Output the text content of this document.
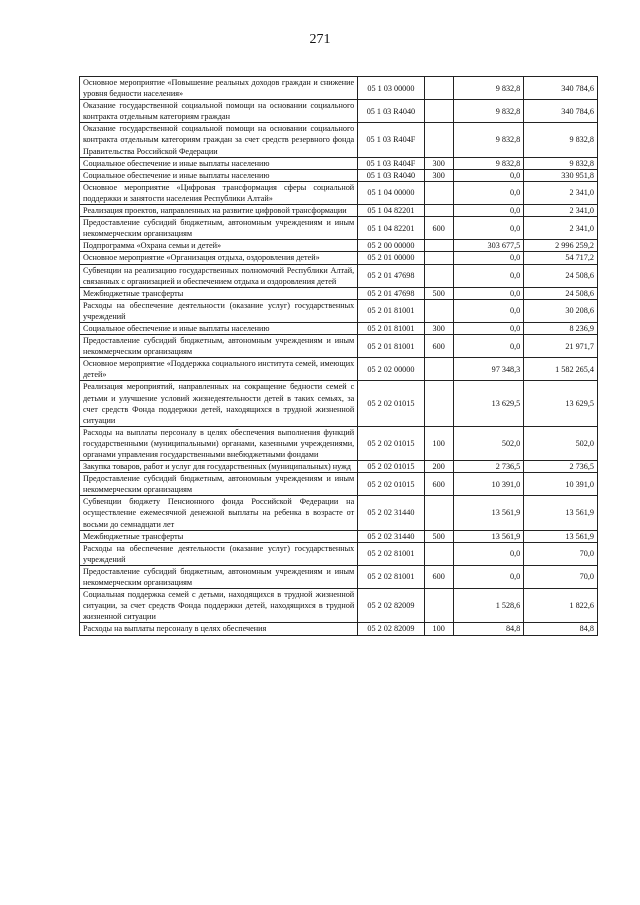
271
Основное мероприятие «Повышение реальных доходов граждан и снижение уровня бедности населения»	05 1 03 00000		9 832,8	340 784,6
Оказание государственной социальной помощи на основании социального контракта отдельным категориям граждан	05 1 03 R4040		9 832,8	340 784,6
Оказание государственной социальной помощи на основании социального контракта отдельным категориям граждан за счет средств резервного фонда Правительства Российской Федерации	05 1 03 R404F		9 832,8	9 832,8
Социальное обеспечение и иные выплаты населению	05 1 03 R404F	300	9 832,8	9 832,8
Социальное обеспечение и иные выплаты населению	05 1 03 R4040	300	0,0	330 951,8
Основное мероприятие «Цифровая трансформация сферы социальной поддержки и занятости населения Республики Алтай»	05 1 04 00000		0,0	2 341,0
Реализация проектов, направленных на развитие цифровой трансформации	05 1 04 82201		0,0	2 341,0
Предоставление субсидий бюджетным, автономным учреждениям и иным некоммерческим организациям	05 1 04 82201	600	0,0	2 341,0
Подпрограмма «Охрана семьи и детей»	05 2 00 00000		303 677,5	2 996 259,2
Основное мероприятие «Организация отдыха, оздоровления детей»	05 2 01 00000		0,0	54 717,2
Субвенции на реализацию государственных полномочий Республики Алтай, связанных с организацией и обеспечением отдыха и оздоровления детей	05 2 01 47698		0,0	24 508,6
Межбюджетные трансферты	05 2 01 47698	500	0,0	24 508,6
Расходы на обеспечение деятельности (оказание услуг) государственных учреждений	05 2 01 81001		0,0	30 208,6
Социальное обеспечение и иные выплаты населению	05 2 01 81001	300	0,0	8 236,9
Предоставление субсидий бюджетным, автономным учреждениям и иным некоммерческим организациям	05 2 01 81001	600	0,0	21 971,7
Основное мероприятие «Поддержка социального института семей, имеющих детей»	05 2 02 00000		97 348,3	1 582 265,4
Реализация мероприятий, направленных на сокращение бедности семей с детьми и улучшение условий жизнедеятельности детей в таких семьях, за счет средств Фонда поддержки детей, находящихся в трудной жизненной ситуации	05 2 02 01015		13 629,5	13 629,5
Расходы на выплаты персоналу в целях обеспечения выполнения функций государственными (муниципальными) органами, казенными учреждениями, органами управления государственными внебюджетными фондами	05 2 02 01015	100	502,0	502,0
Закупка товаров, работ и услуг для государственных (муниципальных) нужд	05 2 02 01015	200	2 736,5	2 736,5
Предоставление субсидий бюджетным, автономным учреждениям и иным некоммерческим организациям	05 2 02 01015	600	10 391,0	10 391,0
Субвенции бюджету Пенсионного фонда Российской Федерации на осуществление ежемесячной денежной выплаты на ребенка в возрасте от восьми до семнадцати лет	05 2 02 31440		13 561,9	13 561,9
Межбюджетные трансферты	05 2 02 31440	500	13 561,9	13 561,9
Расходы на обеспечение деятельности (оказание услуг) государственных учреждений	05 2 02 81001		0,0	70,0
Предоставление субсидий бюджетным, автономным учреждениям и иным некоммерческим организациям	05 2 02 81001	600	0,0	70,0
Социальная поддержка семей с детьми, находящихся в трудной жизненной ситуации, за счет средств Фонда поддержки детей, находящихся в трудной жизненной ситуации	05 2 02 82009		1 528,6	1 822,6
Расходы на выплаты персоналу в целях обеспечения	05 2 02 82009	100	84,8	84,8
